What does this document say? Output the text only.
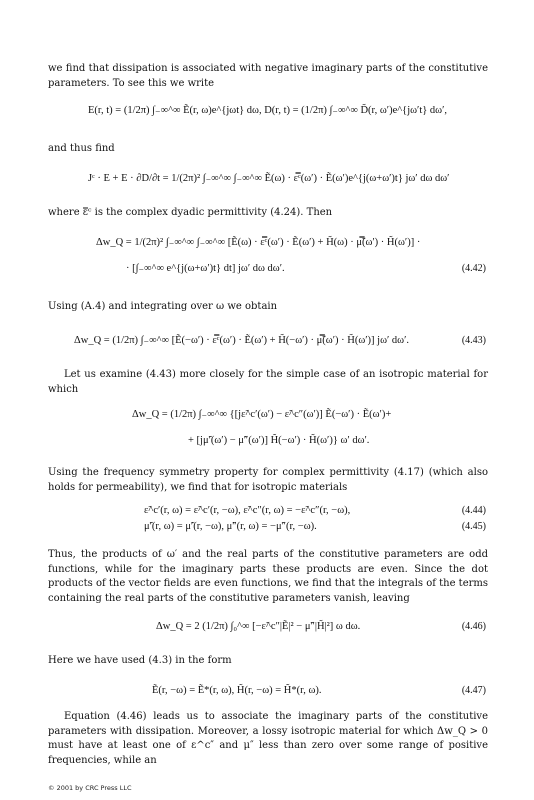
we find that dissipation is associated with negative imaginary parts of the constitutive parameters. To see this we write

E(r, t) = (1/2π) ∫₋∞^∞ Ẽ(r, ω)e^{jωt} dω, D(r, t) = (1/2π) ∫₋∞^∞ D̃(r, ω′)e^{jω′t} dω′,

and thus find

Jᶜ · E + E · ∂D/∂t = 1/(2π)² ∫₋∞^∞ ∫₋∞^∞ Ẽ(ω) · ε̿ᶜ(ω′) · Ẽ(ω′)e^{j(ω+ω′)t} jω′ dω dω′

where ε̿ᶜ is the complex dyadic permittivity (4.24). Then

Δw_Q = 1/(2π)² ∫₋∞^∞ ∫₋∞^∞ [Ẽ(ω) · ε̿ᶜ(ω′) · Ẽ(ω′) + H̃(ω) · μ̿̃(ω′) · H̃(ω′)] ·
· [∫₋∞^∞ e^{j(ω+ω′)t} dt] jω′ dω dω′.	(4.42)

Using (A.4) and integrating over ω we obtain

Δw_Q = (1/2π) ∫₋∞^∞ [Ẽ(−ω′) · ε̿ᶜ(ω′) · Ẽ(ω′) + H̃(−ω′) · μ̿̃(ω′) · H̃(ω′)] jω′ dω′.	(4.43)

Let us examine (4.43) more closely for the simple case of an isotropic material for which

Δw_Q = (1/2π) ∫₋∞^∞ {[jε̃^c′(ω′) − ε̃^c″(ω′)] Ẽ(−ω′) · Ẽ(ω′)+
+ [jμ̃′(ω′) − μ̃″(ω′)] H̃(−ω′) · H̃(ω′)} ω′ dω′.

Using the frequency symmetry property for complex permittivity (4.17) (which also holds for permeability), we find that for isotropic materials

ε̃^c′(r, ω) = ε̃^c′(r, −ω), ε̃^c″(r, ω) = −ε̃^c″(r, −ω),	(4.44)
μ̃′(r, ω) = μ̃′(r, −ω), μ̃″(r, ω) = −μ̃″(r, −ω).	(4.45)

Thus, the products of ω′ and the real parts of the constitutive parameters are odd functions, while for the imaginary parts these products are even. Since the dot products of the vector fields are even functions, we find that the integrals of the terms containing the real parts of the constitutive parameters vanish, leaving

Δw_Q = 2 (1/2π) ∫₀^∞ [−ε̃^c″|Ẽ|² − μ̃″|H̃|²] ω dω.	(4.46)

Here we have used (4.3) in the form

Ẽ(r, −ω) = Ẽ*(r, ω), H̃(r, −ω) = H̃*(r, ω).	(4.47)

Equation (4.46) leads us to associate the imaginary parts of the constitutive parameters with dissipation. Moreover, a lossy isotropic material for which Δw_Q > 0 must have at least one of ε^c″ and μ″ less than zero over some range of positive frequencies, while an

© 2001 by CRC Press LLC
